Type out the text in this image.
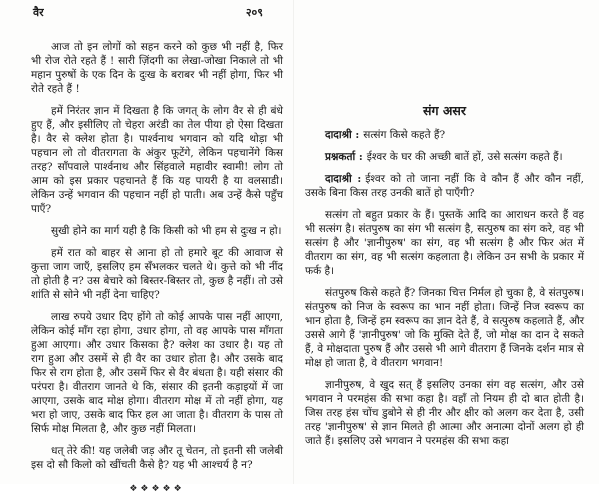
वैर	२०९

आज तो इन लोगों को सहन करने को कुछ भी नहीं है, फिर भी रोज रोते रहते हैं ! सारी ज़िंदगी का लेखा-जोखा निकाले तो भी महान पुरुषों के एक दिन के दुःख के बराबर भी नहीं होगा, फिर भी रोते रहते हैं !

हमें निरंतर ज्ञान में दिखता है कि जगत् के लोग वैर से ही बंधे हुए हैं, और इसीलिए तो चेहरा अरंडी का तेल पीया हो ऐसा दिखता है। वैर से क्लेश होता है। पार्श्वनाथ भगवान को यदि थोड़ा भी पहचान लो तो वीतरागता के अंकुर फूटेंगे, लेकिन पहचानेंगे किस तरह? साँपवाले पार्श्वनाथ और सिंहवाले महावीर स्वामी! लोग तो आम को इस प्रकार पहचानते हैं कि यह पायरी है या वलसाडी। लेकिन उन्हें भगवान की पहचान नहीं हो पाती। अब उन्हें कैसे पहुँच पाएँ?

सुखी होने का मार्ग यही है कि किसी को भी हम से दुःख न हो।

हमें रात को बाहर से आना हो तो हमारे बूट की आवाज से कुत्ता जाग जाएँ, इसलिए हम सँभलकर चलते थे। कुत्ते को भी नींद तो होती है न? उस बेचारे को बिस्तर-बिस्तर तो, कुछ है नहीं। तो उसे शांति से सोने भी नहीं देना चाहिए?

लाख रुपये उधार दिए होंगे तो कोई आपके पास नहीं आएगा, लेकिन कोई माँग रहा होगा, उधार होगा, तो वह आपके पास माँगता हुआ आएगा। और उधार किसका है? क्लेश का उधार है। यह तो राग हुआ और उसमें से ही वैर का उधार होता है। और उसके बाद फिर से राग होता है, और उसमें फिर से वैर बंधता है। यही संसार की परंपरा है। वीतराग जानते थे कि, संसार की इतनी कड़ाइयों में जा आएगा, उसके बाद मोक्ष होगा। वीतराग मोक्ष में तो नहीं होगा, यह भरा हो जाए, उसके बाद फिर हल आ जाता है। वीतराग के पास तो सिर्फ मोक्ष मिलता है, और कुछ नहीं मिलता।

धत् तेरे की! यह जलेबी जड़ और तू चेतन, तो इतनी सी जलेबी इस दो सौ किलो को खींचती कैसे है? यह भी आश्चर्य है न?

❖❖❖❖❖
संग असर

दादाश्री : सत्संग किसे कहते हैं?

प्रश्नकर्ता : ईश्वर के घर की अच्छी बातें हों, उसे सत्संग कहते हैं।

दादाश्री : ईश्वर को तो जाना नहीं कि वे कौन हैं और कौन नहीं, उसके बिना किस तरह उनकी बातें हो पाएँगी?

सत्संग तो बहुत प्रकार के हैं। पुस्तकें आदि का आराधन करते हैं वह भी सत्संग है। संतपुरुष का संग भी सत्संग है, सत्पुरुष का संग करे, वह भी सत्संग है और 'ज्ञानीपुरुष' का संग, वह भी सत्संग है और फिर अंत में वीतराग का संग, वह भी सत्संग कहलाता है। लेकिन उन सभी के प्रकार में फर्क है।

संतपुरुष किसे कहते हैं? जिनका चित्त निर्मल हो चुका है, वे संतपुरुष। संतपुरुष को निज के स्वरूप का भान नहीं होता। जिन्हें निज स्वरूप का भान होता है, जिन्हें हम स्वरूप का ज्ञान देते हैं, वे सत्पुरुष कहलाते हैं, और उससे आगे हैं 'ज्ञानीपुरुष' जो कि मुक्ति देते हैं, जो मोक्ष का दान दे सकते हैं, वे मोक्षदाता पुरुष हैं और उससे भी आगे वीतराग हैं जिनके दर्शन मात्र से मोक्ष हो जाता है, वे वीतराग भगवान!

ज्ञानीपुरुष, वे खुद सत् हैं इसलिए उनका संग वह सत्संग, और उसे भगवान ने परमहंस की सभा कहा है। वहाँ तो नियम ही दो बात होती है। जिस तरह हंस चोंच डुबोने से ही नीर और क्षीर को अलग कर देता है, उसी तरह 'ज्ञानीपुरुष' से ज्ञान मिलते ही आत्मा और अनात्मा दोनों अलग हो ही जाते हैं। इसलिए उसे भगवान ने परमहंस की सभा कहा
